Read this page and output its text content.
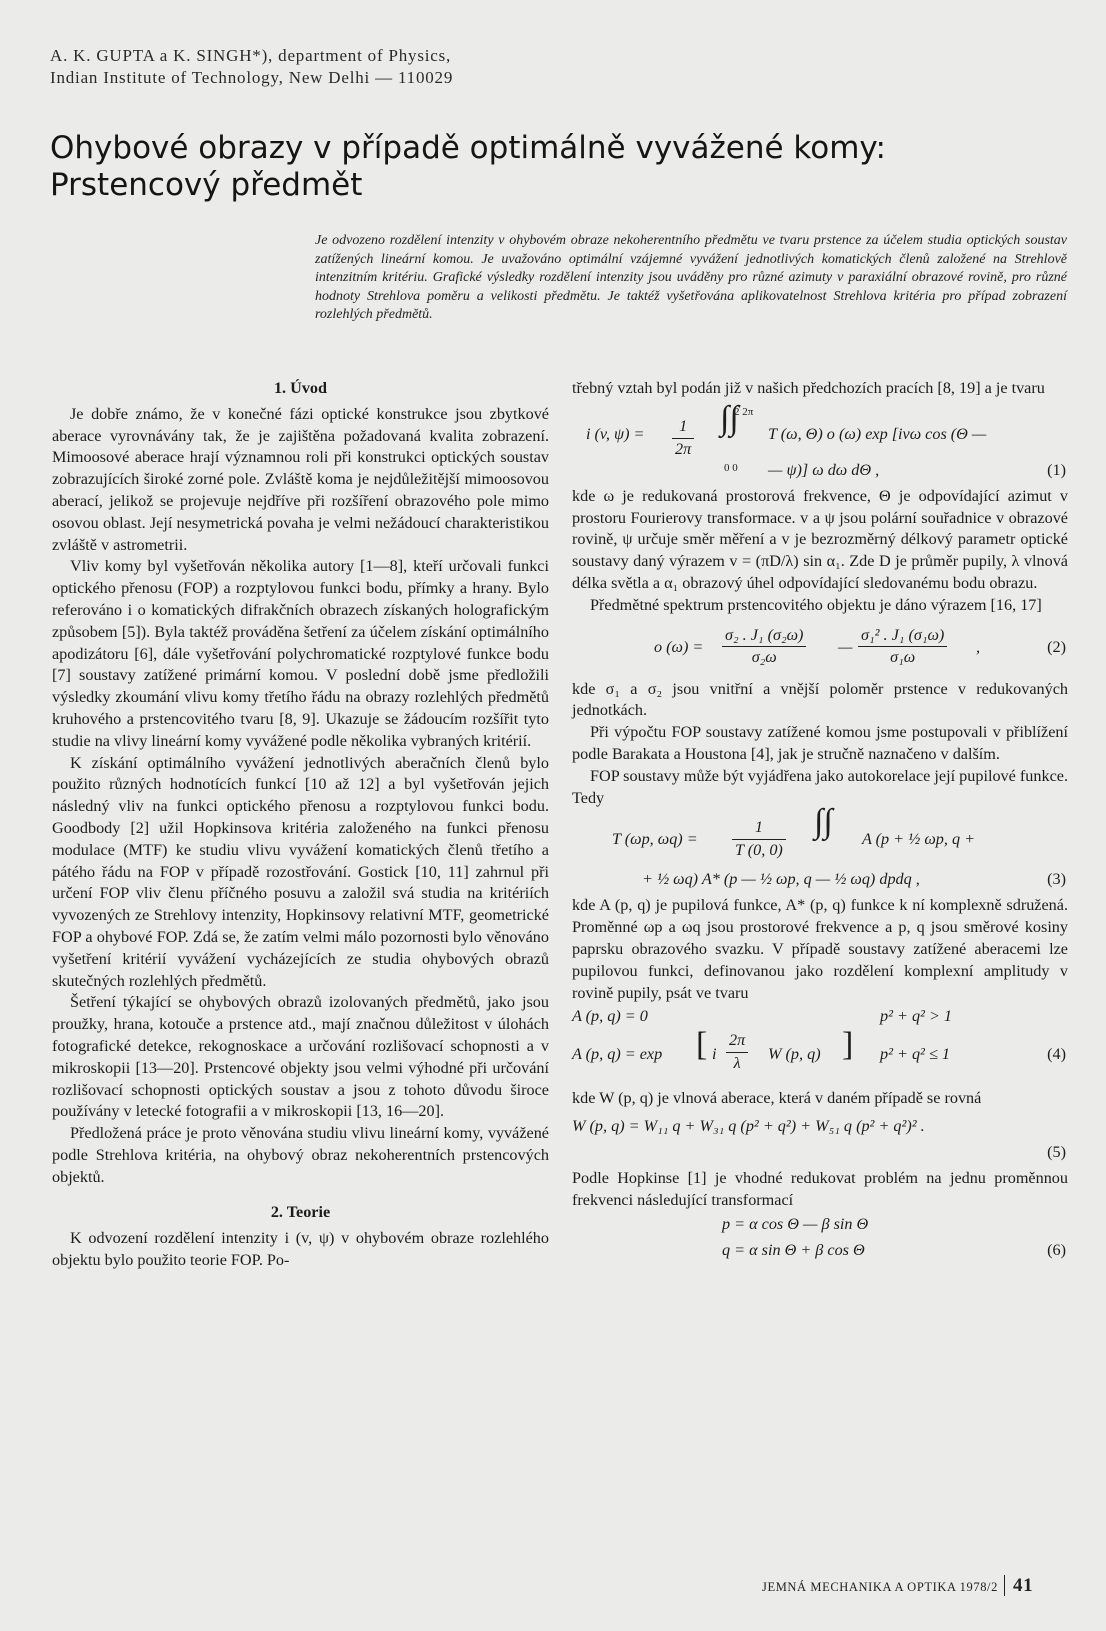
A. K. GUPTA a K. SINGH*), department of Physics,
Indian Institute of Technology, New Delhi — 110029
Ohybové obrazy v případě optimálně vyvážené komy:
Prstencový předmět
Je odvozeno rozdělení intenzity v ohybovém obraze nekoherentního předmětu ve tvaru prstence za účelem studia optických soustav zatížených lineární komou. Je uvažováno optimální vzájemné vyvážení jednotlivých komatických členů založené na Strehlově intenzitním kritériu. Grafické výsledky rozdělení intenzity jsou uváděny pro různé azimuty v paraxiální obrazové rovině, pro různé hodnoty Strehlova poměru a velikosti předmětu. Je taktéž vyšetřována aplikovatelnost Strehlova kritéria pro případ zobrazení rozlehlých předmětů.

1. Úvod

Je dobře známo, že v konečné fázi optické konstrukce jsou zbytkové aberace vyrovnávány tak, že je zajištěna požadovaná kvalita zobrazení. Mimoosové aberace hrají významnou roli při konstrukci optických soustav zobrazujících široké zorné pole. Zvláště koma je nejdůležitější mimoosovou aberací, jelikož se projevuje nejdříve při rozšíření obrazového pole mimo osovou oblast. Její nesymetrická povaha je velmi nežádoucí charakteristikou zvláště v astrometrii.

Vliv komy byl vyšetřován několika autory [1—8], kteří určovali funkci optického přenosu (FOP) a rozptylovou funkci bodu, přímky a hrany. Bylo referováno i o komatických difrakčních obrazech získaných holografickým způsobem [5]). Byla taktéž prováděna šetření za účelem získání optimálního apodizátoru [6], dále vyšetřování polychromatické rozptylové funkce bodu [7] soustavy zatížené primární komou. V poslední době jsme předložili výsledky zkoumání vlivu komy třetího řádu na obrazy rozlehlých předmětů kruhového a prstencovitého tvaru [8, 9]. Ukazuje se žádoucím rozšířit tyto studie na vlivy lineární komy vyvážené podle několika vybraných kritérií.

K získání optimálního vyvážení jednotlivých aberačních členů bylo použito různých hodnotících funkcí [10 až 12] a byl vyšetřován jejich následný vliv na funkci optického přenosu a rozptylovou funkci bodu. Goodbody [2] užil Hopkinsova kritéria založeného na funkci přenosu modulace (MTF) ke studiu vlivu vyvážení komatických členů třetího a pátého řádu na FOP v případě rozostřování. Gostick [10, 11] zahrnul při určení FOP vliv členu příčného posuvu a založil svá studia na kritériích vyvozených ze Strehlovy intenzity, Hopkinsovy relativní MTF, geometrické FOP a ohybové FOP. Zdá se, že zatím velmi málo pozornosti bylo věnováno vyšetření kritérií vyvážení vycházejících ze studia ohybových obrazů skutečných rozlehlých předmětů.

Šetření týkající se ohybových obrazů izolovaných předmětů, jako jsou proužky, hrana, kotouče a prstence atd., mají značnou důležitost v úlohách fotografické detekce, rekognoskace a určování rozlišovací schopnosti a v mikroskopii [13—20]. Prstencové objekty jsou velmi výhodné při určování rozlišovací schopnosti optických soustav a jsou z tohoto důvodu široce používány v letecké fotografii a v mikroskopii [13, 16—20].

Předložená práce je proto věnována studiu vlivu lineární komy, vyvážené podle Strehlova kritéria, na ohybový obraz nekoherentních prstencových objektů.

2. Teorie

K odvození rozdělení intenzity i (v, ψ) v ohybovém obraze rozlehlého objektu bylo použito teorie FOP. Po-

třebný vztah byl podán již v našich předchozích pracích [8, 19] a je tvaru

i (v, $\psi) = \frac{1}{2\pi}$
2 2π
∫∫
0 0
T (ω, Θ) o (ω) exp [ivω cos (Θ —
— ψ)] ω dω dΘ ,	(1)

kde ω je redukovaná prostorová frekvence, Θ je odpovídající azimut v prostoru Fourierovy transformace. v a ψ jsou polární souřadnice v obrazové rovině, ψ určuje směr měření a v je bezrozměrný délkový parametr optické soustavy daný výrazem v = (πD/λ) sin α₁. Zde D je průměr pupily, λ vlnová délka světla a α₁ obrazový úhel odpovídající sledovanému bodu obrazu.

Předmětné spektrum prstencovitého objektu je dáno výrazem [16, 17]

o $(\omega) = \frac{\text{σ₂ . J₁ (σ₂ω)}}{\text{σ₂ω}}$ — $\frac{\text{σ₁² . J₁ (σ₁ω)}}{\text{σ₁ω}}$ ,	(2)

kde σ₁ a σ₂ jsou vnitřní a vnější poloměr prstence v redukovaných jednotkách.

Při výpočtu FOP soustavy zatížené komou jsme postupovali v přiblížení podle Barakata a Houstona [4], jak je stručně naznačeno v dalším.

FOP soustavy může být vyjádřena jako autokorelace její pupilové funkce. Tedy

T (ωp, $\omega q) = \frac{1}{T (0, 0)}$ ∫∫ A (p + ½ ωp, q +
+ ½ ωq) A* (p — ½ ωp, q — ½ ωq) dpdq ,	(3)

kde A (p, q) je pupilová funkce, A* (p, q) funkce k ní komplexně sdružená. Proměnné ωp a ωq jsou prostorové frekvence a p, q jsou směrové kosiny paprsku obrazového svazku. V případě soustavy zatížené aberacemi lze pupilovou funkci, definovanou jako rozdělení komplexní amplitudy v rovině pupily, psát ve tvaru

A (p, q) = 0	p² + q² > 1
A (p, q) = exp [ i $\frac{2\pi}{\lambda}$ W (p, q) ] p² + q² ≤ 1	(4)

kde W (p, q) je vlnová aberace, která v daném případě se rovná

W (p, q) = W₁₁ q + W₃₁ q (p² + q²) + W₅₁ q (p² + q²)² .
(5)

Podle Hopkinse [1] je vhodné redukovat problém na jednu proměnnou frekvenci následující transformací

p = α cos Θ — β sin Θ
q = α sin Θ + β cos Θ	(6)
JEMNÁ MECHANIKA A OPTIKA 1978/2 41
